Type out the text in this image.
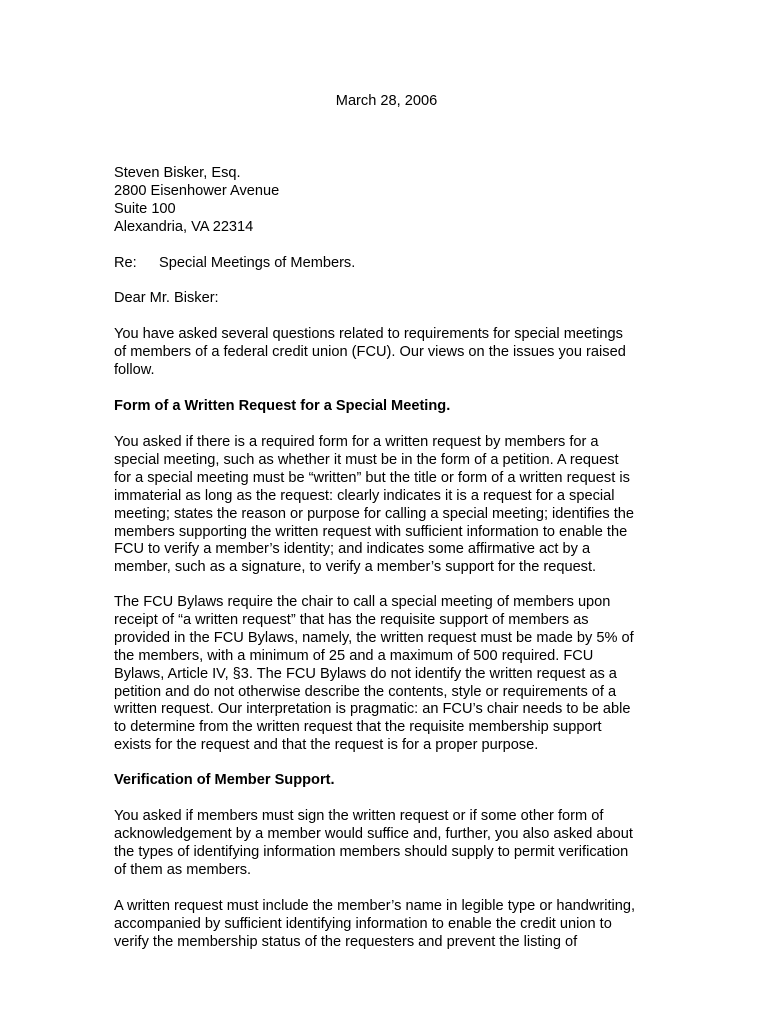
March 28, 2006
Steven Bisker, Esq.
2800 Eisenhower Avenue
Suite 100
Alexandria, VA 22314
Re: Special Meetings of Members.
Dear Mr. Bisker:
You have asked several questions related to requirements for special meetings
of members of a federal credit union (FCU). Our views on the issues you raised
follow.
Form of a Written Request for a Special Meeting.
You asked if there is a required form for a written request by members for a
special meeting, such as whether it must be in the form of a petition. A request
for a special meeting must be “written” but the title or form of a written request is
immaterial as long as the request: clearly indicates it is a request for a special
meeting; states the reason or purpose for calling a special meeting; identifies the
members supporting the written request with sufficient information to enable the
FCU to verify a member’s identity; and indicates some affirmative act by a
member, such as a signature, to verify a member’s support for the request.
The FCU Bylaws require the chair to call a special meeting of members upon
receipt of “a written request” that has the requisite support of members as
provided in the FCU Bylaws, namely, the written request must be made by 5% of
the members, with a minimum of 25 and a maximum of 500 required. FCU
Bylaws, Article IV, §3. The FCU Bylaws do not identify the written request as a
petition and do not otherwise describe the contents, style or requirements of a
written request. Our interpretation is pragmatic: an FCU’s chair needs to be able
to determine from the written request that the requisite membership support
exists for the request and that the request is for a proper purpose.
Verification of Member Support.
You asked if members must sign the written request or if some other form of
acknowledgement by a member would suffice and, further, you also asked about
the types of identifying information members should supply to permit verification
of them as members.
A written request must include the member’s name in legible type or handwriting,
accompanied by sufficient identifying information to enable the credit union to
verify the membership status of the requesters and prevent the listing of
